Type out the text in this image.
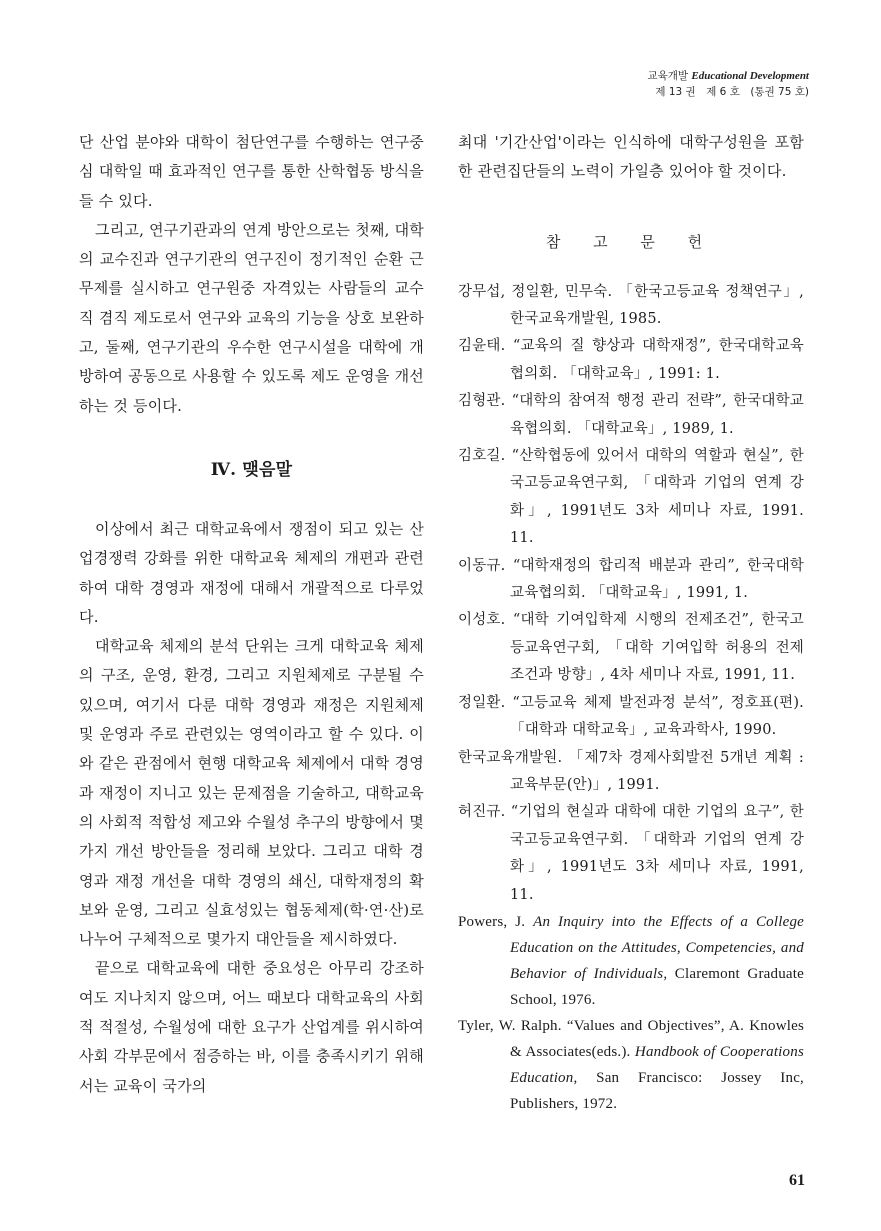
교육개발 Educational Development
제 13 권　제 6 호　(통권 75 호)

단 산업 분야와 대학이 첨단연구를 수행하는 연구중심 대학일 때 효과적인 연구를 통한 산학협동 방식을 들 수 있다.

그리고, 연구기관과의 연계 방안으로는 첫째, 대학의 교수진과 연구기관의 연구진이 정기적인 순환 근무제를 실시하고 연구원중 자격있는 사람들의 교수직 겸직 제도로서 연구와 교육의 기능을 상호 보완하고, 둘째, 연구기관의 우수한 연구시설을 대학에 개방하여 공동으로 사용할 수 있도록 제도 운영을 개선하는 것 등이다.

Ⅳ. 맺음말

이상에서 최근 대학교육에서 쟁점이 되고 있는 산업경쟁력 강화를 위한 대학교육 체제의 개편과 관련하여 대학 경영과 재정에 대해서 개괄적으로 다루었다.

대학교육 체제의 분석 단위는 크게 대학교육 체제의 구조, 운영, 환경, 그리고 지원체제로 구분될 수 있으며, 여기서 다룬 대학 경영과 재정은 지원체제 및 운영과 주로 관련있는 영역이라고 할 수 있다. 이와 같은 관점에서 현행 대학교육 체제에서 대학 경영과 재정이 지니고 있는 문제점을 기술하고, 대학교육의 사회적 적합성 제고와 수월성 추구의 방향에서 몇가지 개선 방안들을 정리해 보았다. 그리고 대학 경영과 재정 개선을 대학 경영의 쇄신, 대학재정의 확보와 운영, 그리고 실효성있는 협동체제(학·연·산)로 나누어 구체적으로 몇가지 대안들을 제시하였다.

끝으로 대학교육에 대한 중요성은 아무리 강조하여도 지나치지 않으며, 어느 때보다 대학교육의 사회적 적절성, 수월성에 대한 요구가 산업계를 위시하여 사회 각부문에서 점증하는 바, 이를 충족시키기 위해서는 교육이 국가의

최대 '기간산업'이라는 인식하에 대학구성원을 포함한 관련집단들의 노력이 가일층 있어야 할 것이다.

참 고 문 헌
강무섭, 정일환, 민무숙. 「한국고등교육 정책연구」, 한국교육개발원, 1985.
김윤태. “교육의 질 향상과 대학재정”, 한국대학교육협의회. 「대학교육」, 1991: 1.
김형관. “대학의 참여적 행정 관리 전략”, 한국대학교육협의회. 「대학교육」, 1989, 1.
김호길. “산학협동에 있어서 대학의 역할과 현실”, 한국고등교육연구회, 「대학과 기업의 연계 강화」, 1991년도 3차 세미나 자료, 1991. 11.
이동규. “대학재정의 합리적 배분과 관리”, 한국대학교육협의회. 「대학교육」, 1991, 1.
이성호. “대학 기여입학제 시행의 전제조건”, 한국고등교육연구회, 「대학 기여입학 허용의 전제조건과 방향」, 4차 세미나 자료, 1991, 11.
정일환. “고등교육 체제 발전과정 분석”, 정호표(편). 「대학과 대학교육」, 교육과학사, 1990.
한국교육개발원. 「제7차 경제사회발전 5개년 계획 : 교육부문(안)」, 1991.
허진규. “기업의 현실과 대학에 대한 기업의 요구”, 한국고등교육연구회. 「대학과 기업의 연계 강화」, 1991년도 3차 세미나 자료, 1991, 11.
Powers, J. An Inquiry into the Effects of a College Education on the Attitudes, Competencies, and Behavior of Individuals, Claremont Graduate School, 1976.
Tyler, W. Ralph. “Values and Objectives”, A. Knowles & Associates(eds.). Handbook of Cooperations Education, San Francisco: Jossey Inc, Publishers, 1972.
61
